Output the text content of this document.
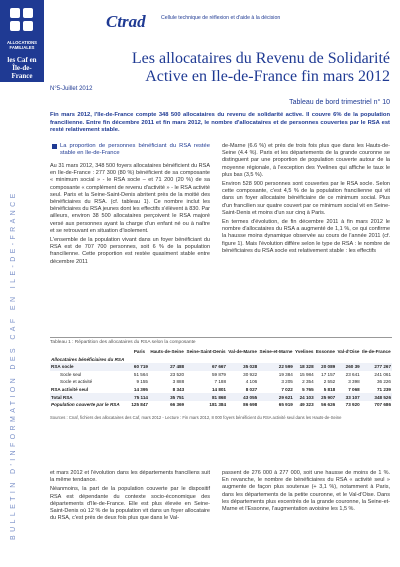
ALLOCATIONS FAMILIALES
les Caf en Île-de-France
BULLETIN D'INFORMATION DES CAF EN ILE-DE-FRANCE
Ctrad	Cellule technique de réflexion et d'aide à la décision
Les allocataires du Revenu de Solidarité Active en Ile-de-France fin mars 2012
N°5-Juillet 2012
Tableau de bord trimestriel n° 10
Fin mars 2012, l'Ile-de-France compte 348 500 allocataires du revenu de solidarité active. Il couvre 6% de la population francilienne. Entre fin décembre 2011 et fin mars 2012, le nombre d'allocataires et de personnes couvertes par le RSA est resté relativement stable.
La proportion de personnes bénéficiant du RSA restée stable en Ile-de-France

Au 31 mars 2012, 348 500 foyers allocataires bénéficient du RSA en Ile-de-France : 277 300 (80 %) bénéficient de sa composante « minimum social » - le RSA socle – et 71 200 (20 %) de sa composante « complément de revenu d'activité » - le RSA activité seul. Paris et la Seine-Saint-Denis abritent près de la moitié des bénéficiaires du RSA. (cf. tableau 1). Ce nombre inclut les bénéficiaires du RSA jeunes dont les effectifs s'élèvent à 830. Par ailleurs, environ 38 500 allocataires perçoivent le RSA majoré versé aux personnes ayant la charge d'un enfant né ou à naître et se retrouvant en situation d'isolement.

L'ensemble de la population vivant dans un foyer bénéficiant du RSA est de 707 700 personnes, soit 6 % de la population francilienne. Cette proportion est restée quasiment stable entre décembre 2011

de-Marne (6.6 %) et près de trois fois plus que dans les Hauts-de-Seine (4.4 %). Paris et les départements de la grande couronne se distinguent par une proportion de population couverte autour de la moyenne régionale, à l'exception des Yvelines qui affiche le taux le plus bas (3,5 %).

Environ 528 900 personnes sont couvertes par le RSA socle. Selon cette composante, c'est 4,5 % de la population francilienne qui vit dans un foyer allocataire bénéficiaire de ce minimum social. Plus d'un francilien sur quatre couvert par ce minimum social vit en Seine-Saint-Denis et moins d'un sur cinq à Paris.

En termes d'évolution, de fin décembre 2011 à fin mars 2012 le nombre d'allocataires du RSA a augmenté de 1,1 %, ce qui confirme la hausse moins dynamique observée au cours de l'année 2011 (cf. figure 1). Mais l'évolution diffère selon le type de RSA : le nombre de bénéficiaires du RSA socle est relativement stable : les effectifs

Tableau 1 : Répartition des allocataires du RSA selon la composante
	Paris	Hauts-de-Seine	Seine-Saint-Denis	Val-de-Marne	Seine-et-Marne	Yvelines	Essonne	Val-d'Oise	Ile-de-France
Allocataires bénéficiaires du RSA									
RSA socle	60 719	27 488	67 667	35 028	22 599	18 328	20 089	260 39	277 267
Socle seul	51 564	23 520	59 879	30 922	19 384	15 984	17 157	23 641	241 061
Socle et activité	9 155	3 888	7 188	4 106	3 205	2 354	2 552	3 398	36 226
RSA activité seul	14 395	8 343	14 801	8 027	7 022	5 765	5 818	7 068	71 239
Total RSA	75 114	35 751	81 868	43 055	29 621	24 103	25 907	33 107	348 526
Population couverte par le RSA	125 847	66 369	181 384	86 698	65 919	49 323	56 626	73 920	707 686
Sources : Cnaf, fichiers des allocataires des Caf, mars 2012 - Lecture : Fin mars 2012, 8 000 foyers bénéficient du RSA activité seul dans les Hauts-de-Seine

et mars 2012 et l'évolution dans les départements franciliens suit la même tendance.

Néanmoins, la part de la population couverte par le dispositif RSA est dépendante du contexte socio-économique des départements d'Ile-de-France. Elle est plus élevée en Seine-Saint-Denis où 12 % de la population vit dans un foyer allocataire du RSA, c'est près de deux fois plus que dans le Val-

passent de 276 000 à 277 000, soit une hausse de moins de 1 %. En revanche, le nombre de bénéficiaires du RSA « activité seul » augmente de façon plus soutenue (+ 3,1 %), notamment à Paris, dans les départements de la petite couronne, et le Val-d'Oise. Dans les départements plus excentrés de la grande couronne, la Seine-et-Marne et l'Essonne, l'augmentation avoisine les 1,5 %.
